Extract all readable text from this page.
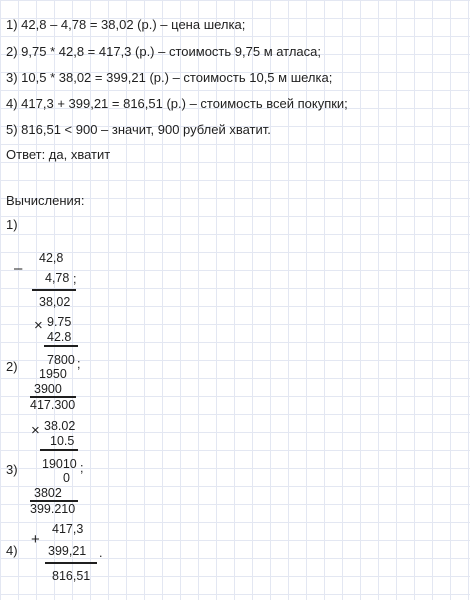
1) 42,8 – 4,78 = 38,02 (р.) – цена шелка;
2) 9,75 * 42,8 = 417,3 (р.) – стоимость 9,75 м атласа;
3) 10,5 * 38,02 = 399,21 (р.) – стоимость 10,5 м шелка;
4) 417,3 + 399,21 = 816,51 (р.) – стоимость всей покупки;
5) 816,51 < 900 – значит, 900 рублей хватит.
Ответ: да, хватит
Вычисления:
1)
–
42,8
4,78 ;
38,02
× 9.75
42.8
2) 7800 ;
1950
3900
417.300
× 38.02
10.5
3) 19010 ;
0
3802
399.210
4)
+
417,3
399,21 .
816,51
